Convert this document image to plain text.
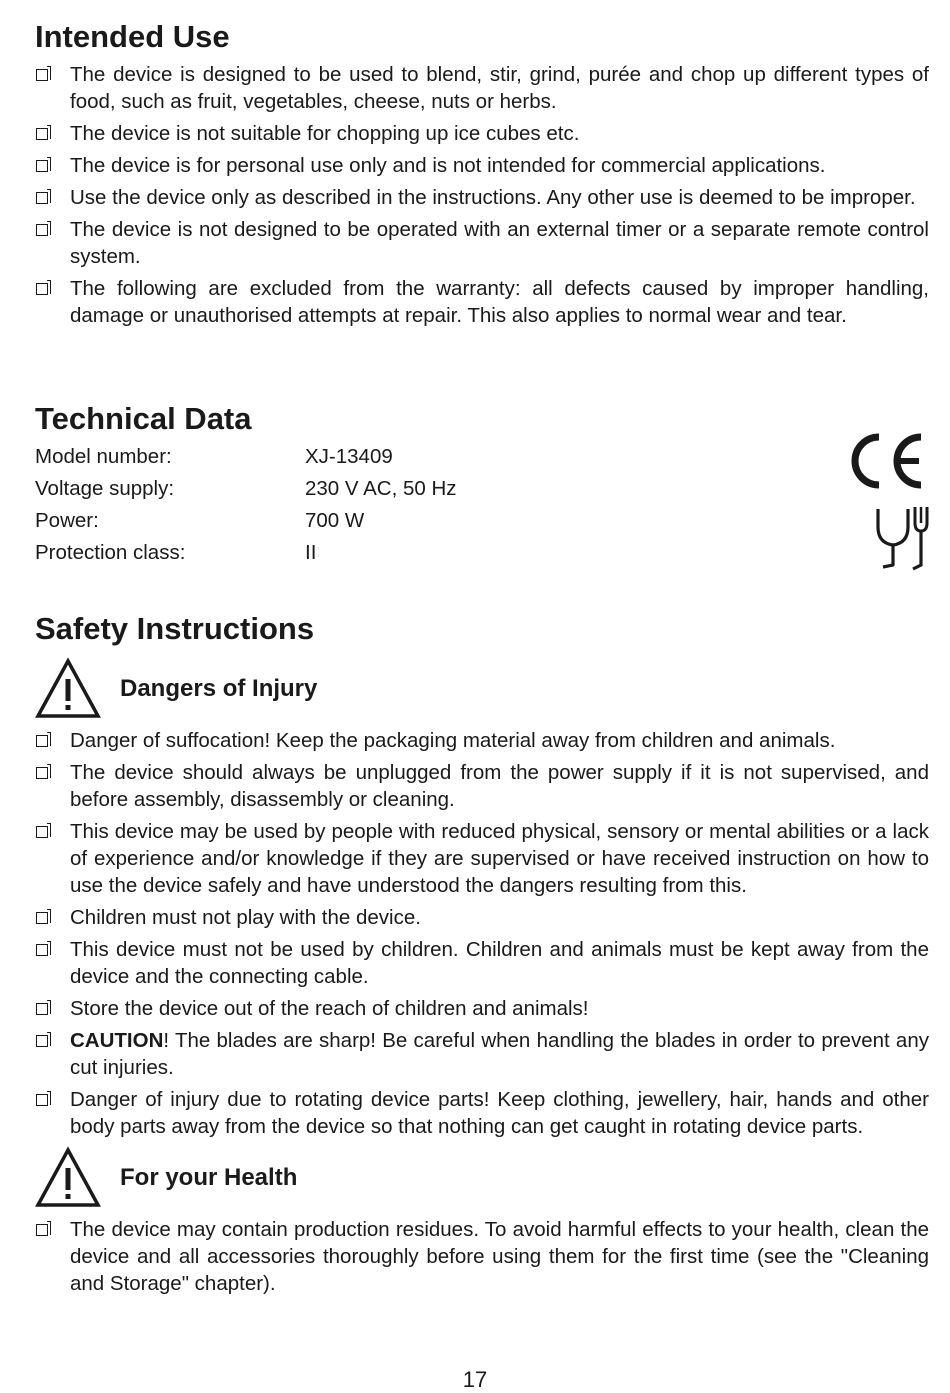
Intended Use
The device is designed to be used to blend, stir, grind, purée and chop up different types of food, such as fruit, vegetables, cheese, nuts or herbs.
The device is not suitable for chopping up ice cubes etc.
The device is for personal use only and is not intended for commercial applications.
Use the device only as described in the instructions. Any other use is deemed to be improper.
The device is not designed to be operated with an external timer or a separate remote control system.
The following are excluded from the warranty: all defects caused by improper handling, damage or unauthorised attempts at repair. This also applies to normal wear and tear.
Technical Data
Model number:	XJ-13409
Voltage supply:	230 V AC, 50 Hz
Power:	700 W
Protection class:	II
Safety Instructions
Dangers of Injury
Danger of suffocation! Keep the packaging material away from children and animals.
The device should always be unplugged from the power supply if it is not supervised, and before assembly, disassembly or cleaning.
This device may be used by people with reduced physical, sensory or mental abilities or a lack of experience and/or knowledge if they are supervised or have received instruction on how to use the device safely and have understood the dangers resulting from this.
Children must not play with the device.
This device must not be used by children. Children and animals must be kept away from the device and the connecting cable.
Store the device out of the reach of children and animals!
CAUTION! The blades are sharp! Be careful when handling the blades in order to prevent any cut injuries.
Danger of injury due to rotating device parts! Keep clothing, jewellery, hair, hands and other body parts away from the device so that nothing can get caught in rotating device parts.
For your Health
The device may contain production residues. To avoid harmful effects to your health, clean the device and all accessories thoroughly before using them for the first time (see the "Cleaning and Storage" chapter).
17
